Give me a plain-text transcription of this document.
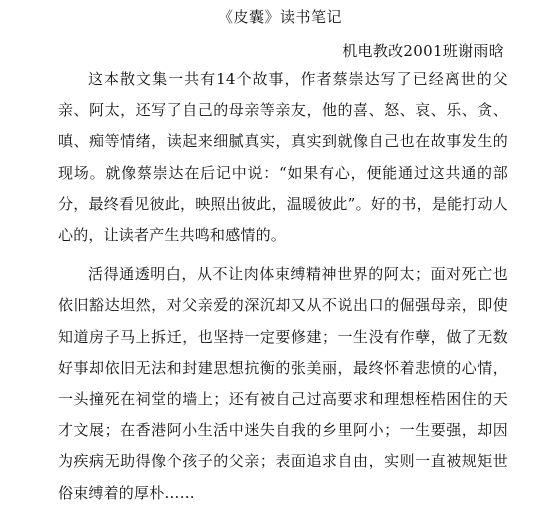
《皮囊》读书笔记
机电教改2001班谢雨晗

这本散文集一共有14个故事，作者蔡崇达写了已经离世的父亲、阿太，还写了自己的母亲等亲友，他的喜、怒、哀、乐、贪、嗔、痴等情绪，读起来细腻真实，真实到就像自己也在故事发生的现场。就像蔡崇达在后记中说：“如果有心，便能通过这共通的部分，最终看见彼此，映照出彼此，温暖彼此”。好的书，是能打动人心的，让读者产生共鸣和感情的。

活得通透明白，从不让肉体束缚精神世界的阿太；面对死亡也依旧豁达坦然，对父亲爱的深沉却又从不说出口的倔强母亲，即使知道房子马上拆迁，也坚持一定要修建；一生没有作孽，做了无数好事却依旧无法和封建思想抗衡的张美丽，最终怀着悲愤的心情，一头撞死在祠堂的墙上；还有被自己过高要求和理想桎梏困住的天才文展；在香港阿小生活中迷失自我的乡里阿小；一生要强，却因为疾病无助得像个孩子的父亲；表面追求自由，实则一直被规矩世俗束缚着的厚朴……
